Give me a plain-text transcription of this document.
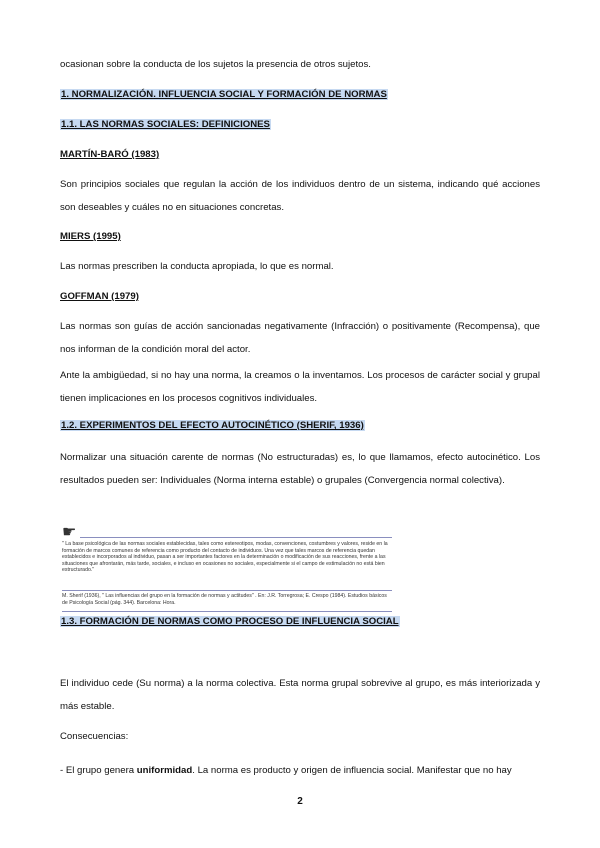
ocasionan sobre la conducta de los sujetos la presencia de otros sujetos.

1. NORMALIZACIÓN. INFLUENCIA SOCIAL Y FORMACIÓN DE NORMAS

1.1. LAS NORMAS SOCIALES: DEFINICIONES

MARTÍN-BARÓ (1983)

Son principios sociales que regulan la acción de los individuos dentro de un sistema, indicando qué acciones son deseables y cuáles no en situaciones concretas.

MIERS (1995)

Las normas prescriben la conducta apropiada, lo que es normal.

GOFFMAN (1979)

Las normas son guías de acción sancionadas negativamente (Infracción) o positivamente (Recompensa), que nos informan de la condición moral del actor.

Ante la ambigüedad, si no hay una norma, la creamos o la inventamos. Los procesos de carácter social y grupal tienen implicaciones en los procesos cognitivos individuales.

1.2. EXPERIMENTOS DEL EFECTO AUTOCINÉTICO (SHERIF, 1936)

Normalizar una situación carente de normas (No estructuradas) es, lo que llamamos, efecto autocinético. Los resultados pueden ser: Individuales (Norma interna estable) o grupales (Convergencia normal colectiva).

☛

" La base psicológica de las normas sociales establecidas, tales como estereotipos, modas, convenciones, costumbres y valores, reside en la formación de marcos comunes de referencia como producto del contacto de individuos. Una vez que tales marcos de referencia quedan establecidos e incorporados al individuo, pasan a ser importantes factores en la determinación o modificación de sus reacciones, frente a las situaciones que afrontarán, más tarde, sociales, e incluso en ocasiones no sociales, especialmente si el campo de estimulación no está bien estructurado."

M. Sherif (1936), " Las influencias del grupo en la formación de normas y actitudes" . En: J.R. Torregrosa; E. Crespo (1984). Estudios básicos de Psicología Social (pág. 344). Barcelona: Hora.

1.3. FORMACIÓN DE NORMAS COMO PROCESO DE INFLUENCIA SOCIAL

El individuo cede (Su norma) a la norma colectiva. Esta norma grupal sobrevive al grupo, es más interiorizada y más estable.

Consecuencias:

- El grupo genera uniformidad. La norma es producto y origen de influencia social. Manifestar que no hay

2
